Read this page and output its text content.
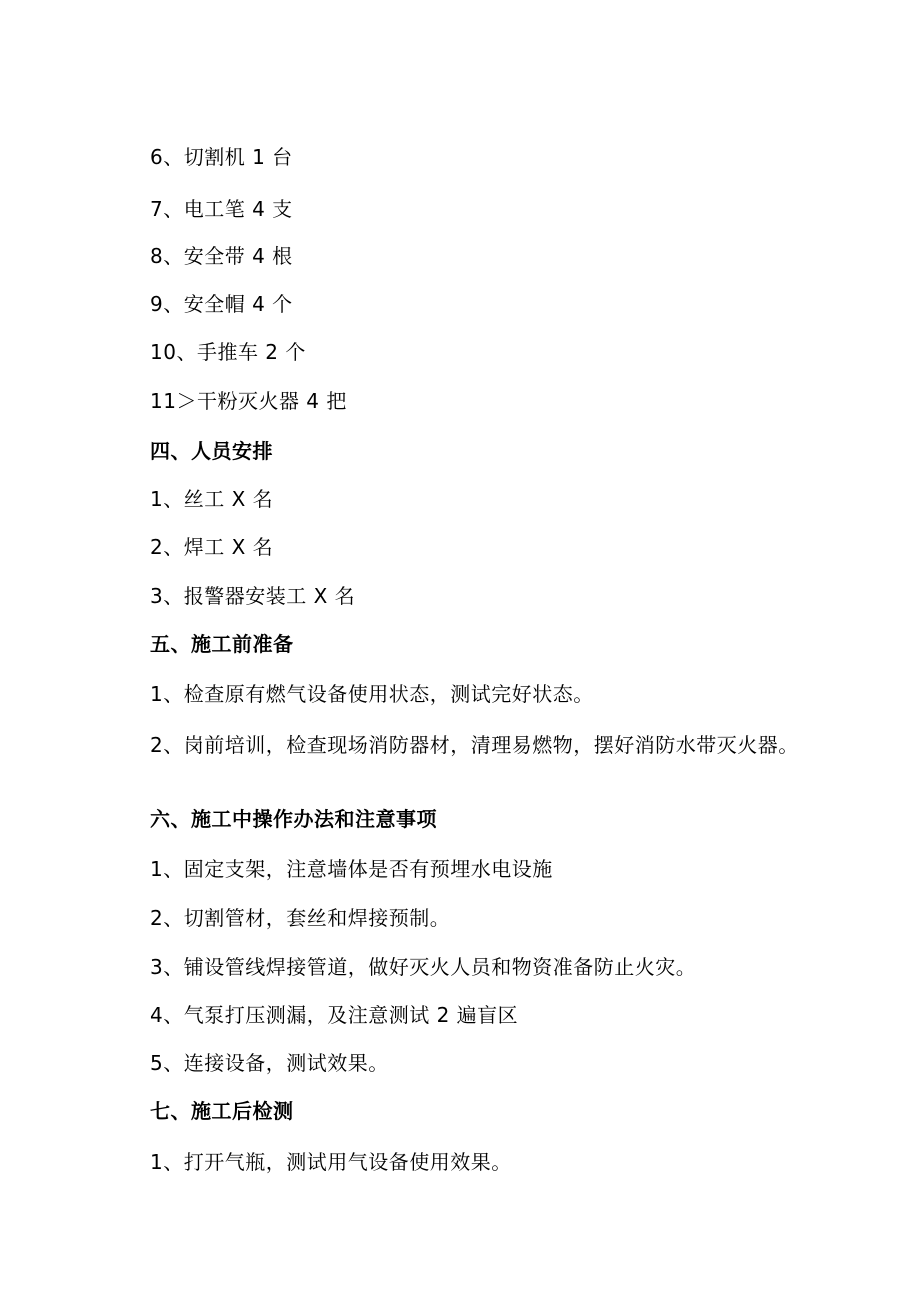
6、切割机 1 台
7、电工笔 4 支
8、安全带 4 根
9、安全帽 4 个
10、手推车 2 个
11＞干粉灭火器 4 把
四、人员安排
1、丝工 X 名
2、焊工 X 名
3、报警器安装工 X 名
五、施工前准备
1、检查原有燃气设备使用状态，测试完好状态。
2、岗前培训，检查现场消防器材，清理易燃物，摆好消防水带灭火器。
六、施工中操作办法和注意事项
1、固定支架，注意墙体是否有预埋水电设施
2、切割管材，套丝和焊接预制。
3、铺设管线焊接管道，做好灭火人员和物资准备防止火灾。
4、气泵打压测漏，及注意测试 2 遍盲区
5、连接设备，测试效果。
七、施工后检测
1、打开气瓶，测试用气设备使用效果。
